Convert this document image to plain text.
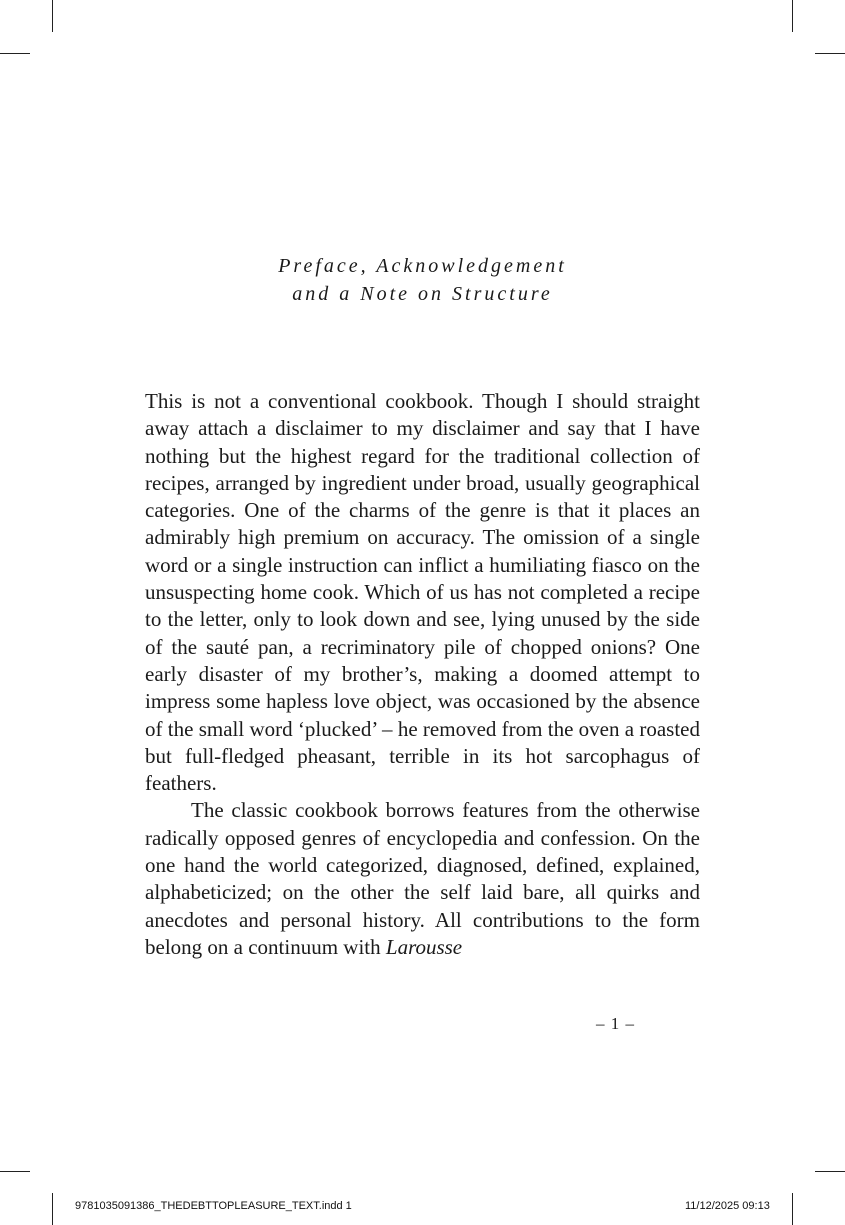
Preface, Acknowledgement
and a Note on Structure

This is not a conventional cookbook. Though I should straight away attach a disclaimer to my disclaimer and say that I have nothing but the highest regard for the traditional collection of recipes, arranged by ingredient under broad, usually geographical categories. One of the charms of the genre is that it places an admirably high premium on accuracy. The omission of a single word or a single instruction can inflict a humiliating fiasco on the unsuspecting home cook. Which of us has not completed a recipe to the letter, only to look down and see, lying unused by the side of the sauté pan, a recriminatory pile of chopped onions? One early disaster of my brother’s, making a doomed attempt to impress some hapless love object, was occasioned by the absence of the small word ‘plucked’ – he removed from the oven a roasted but full-fledged pheasant, terrible in its hot sarcophagus of feathers.

The classic cookbook borrows features from the otherwise radically opposed genres of encyclopedia and confession. On the one hand the world categorized, diagnosed, defined, explained, alphabeticized; on the other the self laid bare, all quirks and anecdotes and personal history. All contributions to the form belong on a continuum with Larousse

– 1 –
9781035091386_THEDEBTTOPLEASURE_TEXT.indd 1	11/12/2025 09:13
